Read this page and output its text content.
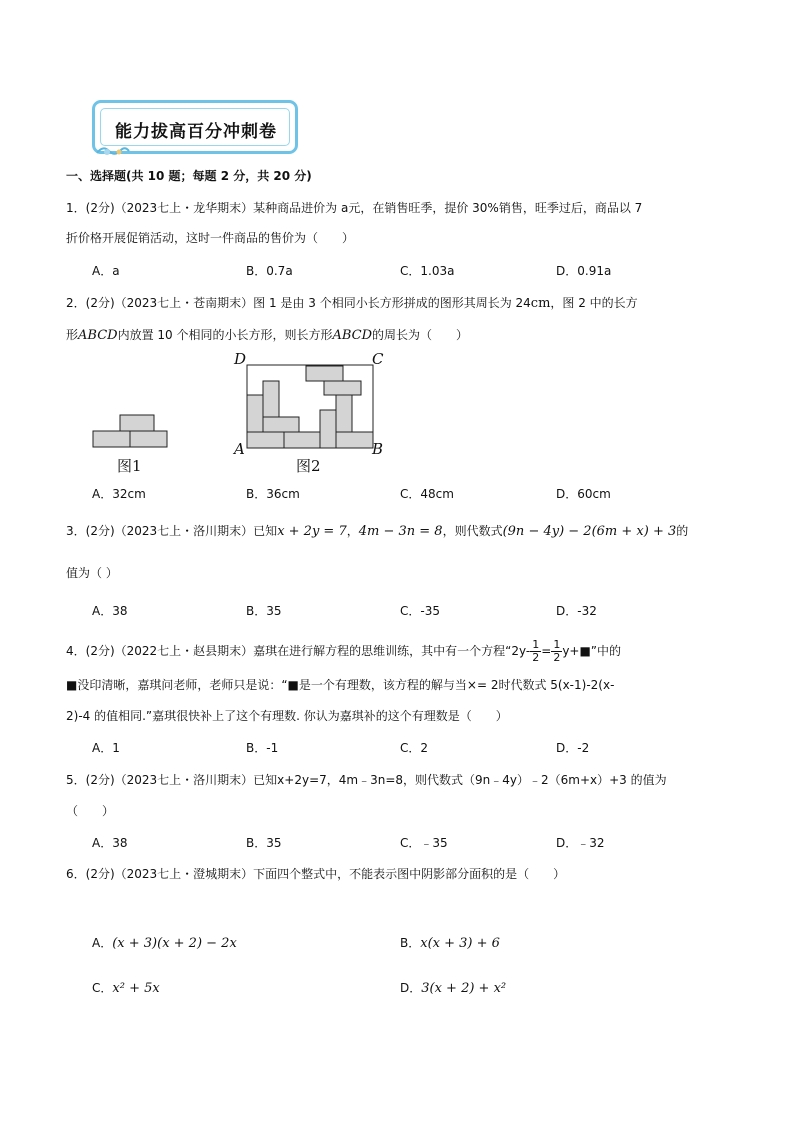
能力拔高百分冲刺卷
一、选择题(共 10 题；每题 2 分，共 20 分)
1．(2分)（2023七上・龙华期末）某种商品进价为 a元，在销售旺季，提价 30%销售，旺季过后，商品以 7
折价格开展促销活动，这时一件商品的售价为（　　）
A．a	B．0.7a	C．1.03a	D．0.91a
2．(2分)（2023七上・苍南期末）图 1 是由 3 个相同小长方形拼成的图形其周长为 24cm，图 2 中的长方
形ABCD内放置 10 个相同的小长方形，则长方形ABCD的周长为（　　）
图1
D	C
A	B
图2
A．32cm	B．36cm	C．48cm	D．60cm
3．(2分)（2023七上・洛川期末）已知x + 2y = 7，4m − 3n = 8，则代数式(9n − 4y) − 2(6m + x) + 3的
值为（ ）
A．38	B．35	C．-35	D．-32
4．(2分)（2022七上・赵县期末）嘉琪在进行解方程的思维训练，其中有一个方程“$2y- \frac{1}{2} = \frac{1}{2}$ y+■”中的
■没印清晰，嘉琪问老师，老师只是说：“■是一个有理数，该方程的解与当×= 2时代数式 5(x-1)-2(x-
2)-4 的值相同.”嘉琪很快补上了这个有理数. 你认为嘉琪补的这个有理数是（　　）
A．1	B．-1	C．2	D．-2
5．(2分)（2023七上・洛川期末）已知x+2y=7，4m﹣3n=8，则代数式（9n﹣4y）﹣2（6m+x）+3 的值为
（　　）
A．38	B．35	C．﹣35	D．﹣32
6．(2分)（2023七上・澄城期末）下面四个整式中，不能表示图中阴影部分面积的是（　　）
A．(x + 3)(x + 2) − 2x	B．x(x + 3) + 6
C．x² + 5x	D．3(x + 2) + x²
